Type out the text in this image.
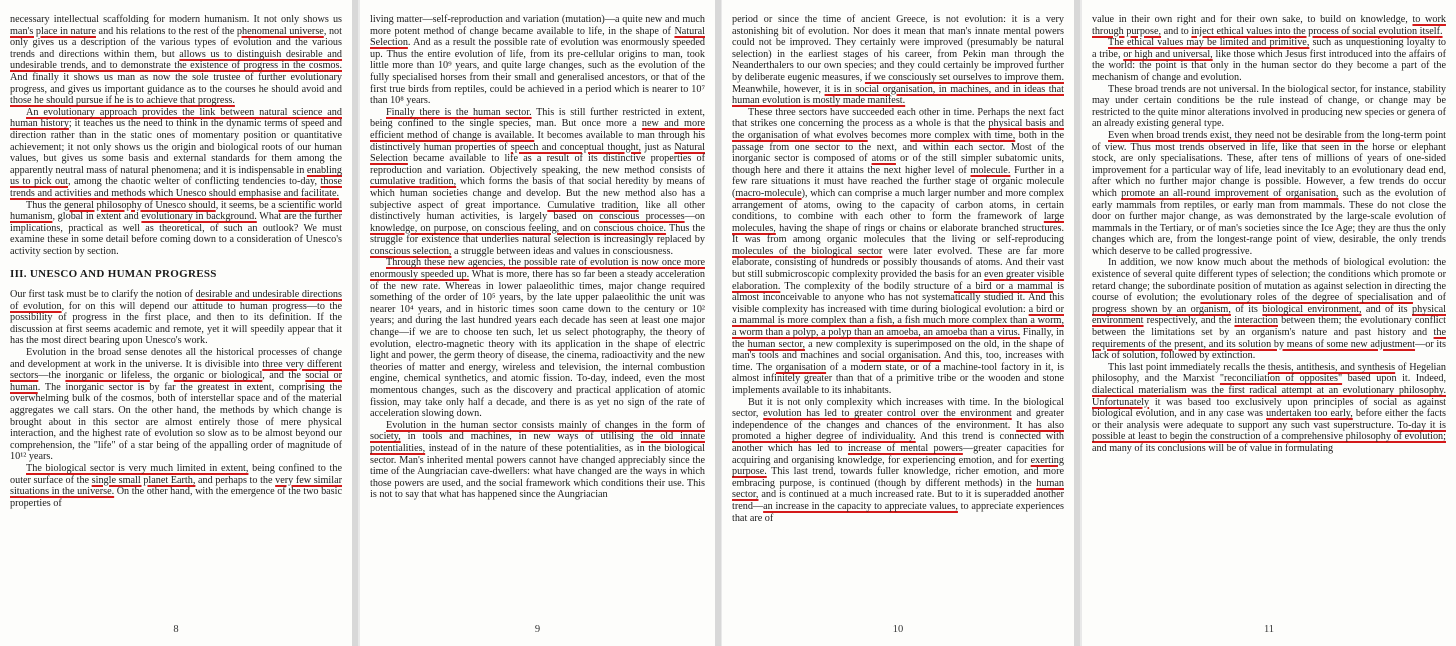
necessary intellectual scaffolding for modern humanism. It not only shows us man's place in nature and his relations to the rest of the phenomenal universe, not only gives us a description of the various types of evolution and the various trends and directions within them, but allows us to distinguish desirable and undesirable trends, and to demonstrate the existence of progress in the cosmos. And finally it shows us man as now the sole trustee of further evolutionary progress, and gives us important guidance as to the courses he should avoid and those he should pursue if he is to achieve that progress.

An evolutionary approach provides the link between natural science and human history; it teaches us the need to think in the dynamic terms of speed and direction rather than in the static ones of momentary position or quantitative achievement; it not only shows us the origin and biological roots of our human values, but gives us some basis and external standards for them among the apparently neutral mass of natural phenomena; and it is indispensable in enabling us to pick out, among the chaotic welter of conflicting tendencies to-day, those trends and activities and methods which Unesco should emphasise and facilitate.

Thus the general philosophy of Unesco should, it seems, be a scientific world humanism, global in extent and evolutionary in background. What are the further implications, practical as well as theoretical, of such an outlook? We must examine these in some detail before coming down to a consideration of Unesco's activity section by section.

III. UNESCO AND HUMAN PROGRESS

Our first task must be to clarify the notion of desirable and undesirable directions of evolution, for on this will depend our attitude to human progress—to the possibility of progress in the first place, and then to its definition. If the discussion at first seems academic and remote, yet it will speedily appear that it has the most direct bearing upon Unesco's work.

Evolution in the broad sense denotes all the historical processes of change and development at work in the universe. It is divisible into three very different sectors—the inorganic or lifeless, the organic or biological, and the social or human. The inorganic sector is by far the greatest in extent, comprising the overwhelming bulk of the cosmos, both of interstellar space and of the material aggregates we call stars. On the other hand, the methods by which change is brought about in this sector are almost entirely those of mere physical interaction, and the highest rate of evolution so slow as to be almost beyond our comprehension, the "life" of a star being of the appalling order of magnitude of 10¹² years.

The biological sector is very much limited in extent, being confined to the outer surface of the single small planet Earth, and perhaps to the very few similar situations in the universe. On the other hand, with the emergence of the two basic properties of

8

living matter—self-reproduction and variation (mutation)—a quite new and much more potent method of change became available to life, in the shape of Natural Selection. And as a result the possible rate of evolution was enormously speeded up. Thus the entire evolution of life, from its pre-cellular origins to man, took little more than 10⁹ years, and quite large changes, such as the evolution of the fully specialised horses from their small and generalised ancestors, or that of the first true birds from reptiles, could be achieved in a period which is nearer to 10⁷ than 10⁸ years.

Finally there is the human sector. This is still further restricted in extent, being confined to the single species, man. But once more a new and more efficient method of change is available. It becomes available to man through his distinctively human properties of speech and conceptual thought, just as Natural Selection became available to life as a result of its distinctive properties of reproduction and variation. Objectively speaking, the new method consists of cumulative tradition, which forms the basis of that social heredity by means of which human societies change and develop. But the new method also has a subjective aspect of great importance. Cumulative tradition, like all other distinctively human activities, is largely based on conscious processes—on knowledge, on purpose, on conscious feeling, and on conscious choice. Thus the struggle for existence that underlies natural selection is increasingly replaced by conscious selection, a struggle between ideas and values in consciousness.

Through these new agencies, the possible rate of evolution is now once more enormously speeded up. What is more, there has so far been a steady acceleration of the new rate. Whereas in lower palaeolithic times, major change required something of the order of 10⁵ years, by the late upper palaeolithic the unit was nearer 10⁴ years, and in historic times soon came down to the century or 10² years; and during the last hundred years each decade has seen at least one major change—if we are to choose ten such, let us select photography, the theory of evolution, electro-magnetic theory with its application in the shape of electric light and power, the germ theory of disease, the cinema, radioactivity and the new theories of matter and energy, wireless and television, the internal combustion engine, chemical synthetics, and atomic fission. To-day, indeed, even the most momentous changes, such as the discovery and practical application of atomic fission, may take only half a decade, and there is as yet no sign of the rate of acceleration slowing down.

Evolution in the human sector consists mainly of changes in the form of society, in tools and machines, in new ways of utilising the old innate potentialities, instead of in the nature of these potentialities, as in the biological sector. Man's inherited mental powers cannot have changed appreciably since the time of the Aungriacian cave-dwellers: what have changed are the ways in which those powers are used, and the social framework which conditions their use. This is not to say that what has happened since the Aungriacian

9

period or since the time of ancient Greece, is not evolution: it is a very astonishing bit of evolution. Nor does it mean that man's innate mental powers could not be improved. They certainly were improved (presumably be natural selection) in the earliest stages of his career, from Pekin man through the Neanderthalers to our own species; and they could certainly be improved further by deliberate eugenic measures, if we consciously set ourselves to improve them. Meanwhile, however, it is in social organisation, in machines, and in ideas that human evolution is mostly made manifest.

These three sectors have succeeded each other in time. Perhaps the next fact that strikes one concerning the process as a whole is that the physical basis and the organisation of what evolves becomes more complex with time, both in the passage from one sector to the next, and within each sector. Most of the inorganic sector is composed of atoms or of the still simpler subatomic units, though here and there it attains the next higher level of molecule. Further in a few rare situations it must have reached the further stage of organic molecule (macro-molecule), which can comprise a much larger number and more complex arrangement of atoms, owing to the capacity of carbon atoms, in certain conditions, to combine with each other to form the framework of large molecules, having the shape of rings or chains or elaborate branched structures. It was from among organic molecules that the living or self-reproducing molecules of the biological sector were later evolved. These are far more elaborate, consisting of hundreds or possibly thousands of atoms. And their vast but still submicroscopic complexity provided the basis for an even greater visible elaboration. The complexity of the bodily structure of a bird or a mammal is almost inconceivable to anyone who has not systematically studied it. And this visible complexity has increased with time during biological evolution: a bird or a mammal is more complex than a fish, a fish much more complex than a worm, a worm than a polyp, a polyp than an amoeba, an amoeba than a virus. Finally, in the human sector, a new complexity is superimposed on the old, in the shape of man's tools and machines and social organisation. And this, too, increases with time. The organisation of a modern state, or of a machine-tool factory in it, is almost infinitely greater than that of a primitive tribe or the wooden and stone implements available to its inhabitants.

But it is not only complexity which increases with time. In the biological sector, evolution has led to greater control over the environment and greater independence of the changes and chances of the environment. It has also promoted a higher degree of individuality. And this trend is connected with another which has led to increase of mental powers—greater capacities for acquiring and organising knowledge, for experiencing emotion, and for exerting purpose. This last trend, towards fuller knowledge, richer emotion, and more embracing purpose, is continued (though by different methods) in the human sector, and is continued at a much increased rate. But to it is superadded another trend—an increase in the capacity to appreciate values, to appreciate experiences that are of

10

value in their own right and for their own sake, to build on knowledge, to work through purpose, and to inject ethical values into the process of social evolution itself.

The ethical values may be limited and primitive, such as unquestioning loyalty to a tribe, or high and universal, like those which Jesus first introduced into the affairs of the world: the point is that only in the human sector do they become a part of the mechanism of change and evolution.

These broad trends are not universal. In the biological sector, for instance, stability may under certain conditions be the rule instead of change, or change may be restricted to the quite minor alterations involved in producing new species or genera of an already existing general type.

Even when broad trends exist, they need not be desirable from the long-term point of view. Thus most trends observed in life, like that seen in the horse or elephant stock, are only specialisations. These, after tens of millions of years of one-sided improvement for a particular way of life, lead inevitably to an evolutionary dead end, after which no further major change is possible. However, a few trends do occur which promote an all-round improvement of organisation, such as the evolution of early mammals from reptiles, or early man from mammals. These do not close the door on further major change, as was demonstrated by the large-scale evolution of mammals in the Tertiary, or of man's societies since the Ice Age; they are thus the only changes which are, from the longest-range point of view, desirable, the only trends which deserve to be called progressive.

In addition, we now know much about the methods of biological evolution: the existence of several quite different types of selection; the conditions which promote or retard change; the subordinate position of mutation as against selection in directing the course of evolution; the evolutionary roles of the degree of specialisation and of progress shown by an organism, of its biological environment, and of its physical environment respectively, and the interaction between them; the evolutionary conflict between the limitations set by an organism's nature and past history and the requirements of the present, and its solution by means of some new adjustment—or its lack of solution, followed by extinction.

This last point immediately recalls the thesis, antithesis, and synthesis of Hegelian philosophy, and the Marxist "reconciliation of opposites" based upon it. Indeed, dialectical materialism was the first radical attempt at an evolutionary philosophy. Unfortunately it was based too exclusively upon principles of social as against biological evolution, and in any case was undertaken too early, before either the facts or their analysis were adequate to support any such vast superstructure. To-day it is possible at least to begin the construction of a comprehensive philosophy of evolution; and many of its conclusions will be of value in formulating

11
